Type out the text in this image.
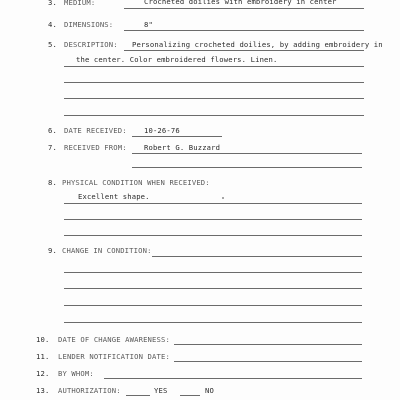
3. MEDIUM:	Crocheted doilies with embroidery in center
4. DIMENSIONS:	8"
5. DESCRIPTION: Personalizing crocheted doilies, by adding embroidery in
the center. Color embroidered flowers. Linen.
6. DATE RECEIVED: 10-26-76
7. RECEIVED FROM: Robert G. Buzzard
8. PHYSICAL CONDITION WHEN RECEIVED:
Excellent shape.
9. CHANGE IN CONDITION:
10. DATE OF CHANGE AWARENESS:
11. LENDER NOTIFICATION DATE:
12. BY WHOM:
13. AUTHORIZATION:	YES	NO
